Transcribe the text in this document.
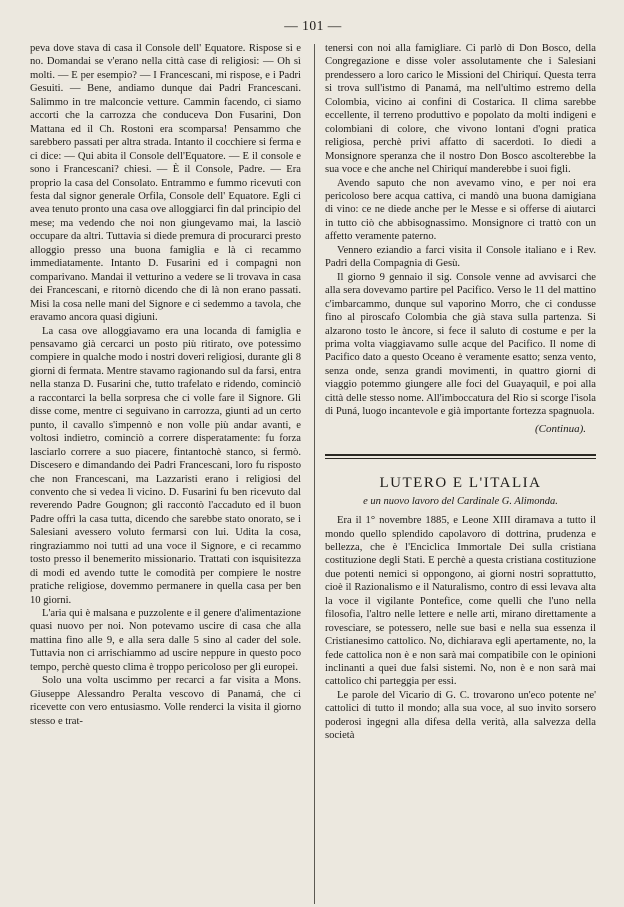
— 101 —

peva dove stava di casa il Console dell' Equatore. Rispose si e no. Domandai se v'erano nella città case di religiosi: — Oh sì molti. — E per esempio? — I Francescani, mi rispose, e i Padri Gesuiti. — Bene, andiamo dunque dai Padri Francescani. Salimmo in tre malconcie vetture. Cammin facendo, ci siamo accorti che la carrozza che conduceva Don Fusarini, Don Mattana ed il Ch. Rostoni era scomparsa! Pensammo che sarebbero passati per altra strada. Intanto il cocchiere si ferma e ci dice: — Qui abita il Console dell'Equatore. — E il console e sono i Francescani? chiesi. — È il Console, Padre. — Era proprio la casa del Consolato. Entrammo e fummo ricevuti con festa dal signor generale Orfila, Console dell' Equatore. Egli ci avea tenuto pronto una casa ove alloggiarci fin dal principio del mese; ma vedendo che noi non giungevamo mai, la lasciò occupare da altri. Tuttavia si diede premura di procurarci presto alloggio presso una buona famiglia e là ci recammo immediatamente. Intanto D. Fusarini ed i compagni non comparivano. Mandai il vetturino a vedere se li trovava in casa dei Francescani, e ritornò dicendo che di là non erano passati. Misi la cosa nelle mani del Signore e ci sedemmo a tavola, che eravamo ancora quasi digiuni.

La casa ove alloggiavamo era una locanda di famiglia e pensavamo già cercarci un posto più ritirato, ove potessimo compiere in qualche modo i nostri doveri religiosi, durante gli 8 giorni di fermata. Mentre stavamo ragionando sul da farsi, entra nella stanza D. Fusarini che, tutto trafelato e ridendo, cominciò a raccontarci la bella sorpresa che ci volle fare il Signore. Gli disse come, mentre ci seguivano in carrozza, giunti ad un certo punto, il cavallo s'impennò e non volle più andar avanti, e voltosi indietro, cominciò a correre disperatamente: fu forza lasciarlo correre a suo piacere, fintantochè stanco, si fermò. Discesero e dimandando dei Padri Francescani, loro fu risposto che non Francescani, ma Lazzaristi erano i religiosi del convento che si vedea lì vicino. D. Fusarini fu ben ricevuto dal reverendo Padre Gougnon; gli raccontò l'accaduto ed il buon Padre offrì la casa tutta, dicendo che sarebbe stato onorato, se i Salesiani avessero voluto fermarsi con lui. Udita la cosa, ringraziammo noi tutti ad una voce il Signore, e ci recammo tosto presso il benemerito missionario. Trattati con isquisitezza di modi ed avendo tutte le comodità per compiere le nostre pratiche religiose, dovemmo permanere in quella casa per ben 10 giorni.

L'aria qui è malsana e puzzolente e il genere d'alimentazione quasi nuovo per noi. Non potevamo uscire di casa che alla mattina fino alle 9, e alla sera dalle 5 sino al cader del sole. Tuttavia non ci arrischiammo ad uscire neppure in questo poco tempo, perchè questo clima è troppo pericoloso per gli europei.

Solo una volta uscimmo per recarci a far visita a Mons. Giuseppe Alessandro Peralta vescovo di Panamá, che ci ricevette con vero entusiasmo. Volle renderci la visita il giorno stesso e trat-

tenersi con noi alla famigliare. Ci parlò di Don Bosco, della Congregazione e disse voler assolutamente che i Salesiani prendessero a loro carico le Missioni del Chiriquí. Questa terra si trova sull'istmo di Panamá, ma nell'ultimo estremo della Colombia, vicino ai confini di Costarica. Il clima sarebbe eccellente, il terreno produttivo e popolato da molti indigeni e colombiani di colore, che vivono lontani d'ogni pratica religiosa, perchè privi affatto di sacerdoti. Io diedi a Monsignore speranza che il nostro Don Bosco ascolterebbe la sua voce e che anche nel Chiriquí manderebbe i suoi figli.

Avendo saputo che non avevamo vino, e per noi era pericoloso bere acqua cattiva, ci mandò una buona damigiana di vino: ce ne diede anche per le Messe e si offerse di aiutarci in tutto ciò che abbisognassimo. Monsignore ci trattò con un affetto veramente paterno.

Vennero eziandio a farci visita il Console italiano e i Rev. Padri della Compagnia di Gesù.

Il giorno 9 gennaio il sig. Console venne ad avvisarci che alla sera dovevamo partire pel Pacifico. Verso le 11 del mattino c'imbarcammo, dunque sul vaporino Morro, che ci condusse fino al piroscafo Colombia che già stava sulla partenza. Si alzarono tosto le àncore, si fece il saluto di costume e per la prima volta viaggiavamo sulle acque del Pacifico. Il nome di Pacifico dato a questo Oceano è veramente esatto; senza vento, senza onde, senza grandi movimenti, in quattro giorni di viaggio potemmo giungere alle foci del Guayaquil, e poi alla città delle stesso nome. All'imboccatura del Rio si scorge l'isola di Puná, luogo incantevole e già importante fortezza spagnuola.

(Continua).
LUTERO E L'ITALIA
e un nuovo lavoro del Cardinale G. Alimonda.

Era il 1° novembre 1885, e Leone XIII diramava a tutto il mondo quello splendido capolavoro di dottrina, prudenza e bellezza, che è l'Enciclica Immortale Dei sulla cristiana costituzione degli Stati. E perchè a questa cristiana costituzione due potenti nemici si oppongono, ai giorni nostri soprattutto, cioè il Razionalismo e il Naturalismo, contro di essi levava alta la voce il vigilante Pontefice, come quelli che l'uno nella filosofia, l'altro nelle lettere e nelle arti, mirano direttamente a rovesciare, se potessero, nelle sue basi e nella sua essenza il Cristianesimo cattolico. No, dichiarava egli apertamente, no, la fede cattolica non è e non sarà mai compatibile con le opinioni inclinanti a quei due falsi sistemi. No, non è e non sarà mai cattolico chi parteggia per essi.

Le parole del Vicario di G. C. trovarono un'eco potente ne' cattolici di tutto il mondo; alla sua voce, al suo invito sorsero poderosi ingegni alla difesa della verità, alla salvezza della società
